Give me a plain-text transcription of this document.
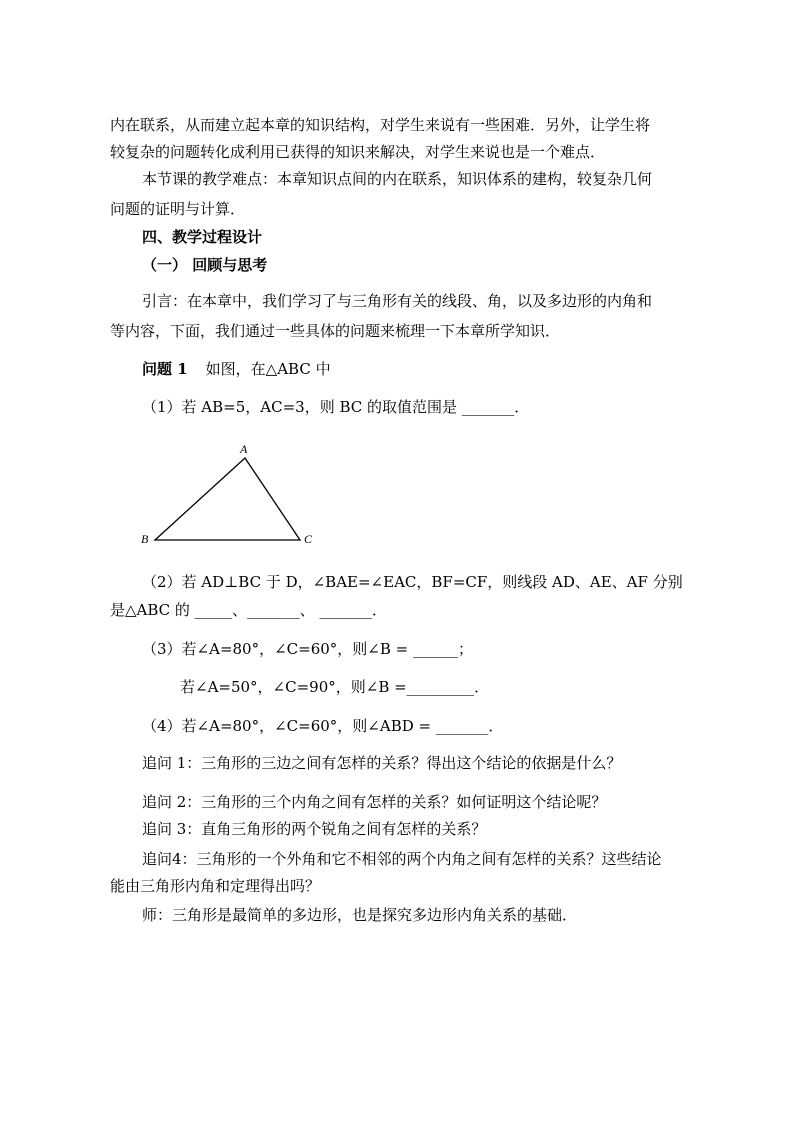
内在联系，从而建立起本章的知识结构，对学生来说有一些困难．另外，让学生将
较复杂的问题转化成利用已获得的知识来解决，对学生来说也是一个难点．
本节课的教学难点：本章知识点间的内在联系，知识体系的建构，较复杂几何
问题的证明与计算．
四、教学过程设计
（一） 回顾与思考
引言：在本章中，我们学习了与三角形有关的线段、角，以及多边形的内角和
等内容，下面，我们通过一些具体的问题来梳理一下本章所学知识．
问题 1 如图，在△ABC 中
（1）若 AB=5，AC=3，则 BC 的取值范围是 _______．
A
B	C
（2）若 AD⊥BC 于 D，∠BAE=∠EAC，BF=CF，则线段 AD、AE、AF 分别
是△ABC 的 _____、_______、 _______．
（3）若∠A=80°，∠C=60°，则∠B = ______；
若∠A=50°，∠C=90°，则∠B =_________．
（4）若∠A=80°，∠C=60°，则∠ABD = _______．
追问 1：三角形的三边之间有怎样的关系？得出这个结论的依据是什么？
追问 2：三角形的三个内角之间有怎样的关系？如何证明这个结论呢？
追问 3：直角三角形的两个锐角之间有怎样的关系？
追问4：三角形的一个外角和它不相邻的两个内角之间有怎样的关系？这些结论
能由三角形内角和定理得出吗？
师：三角形是最简单的多边形，也是探究多边形内角关系的基础．
